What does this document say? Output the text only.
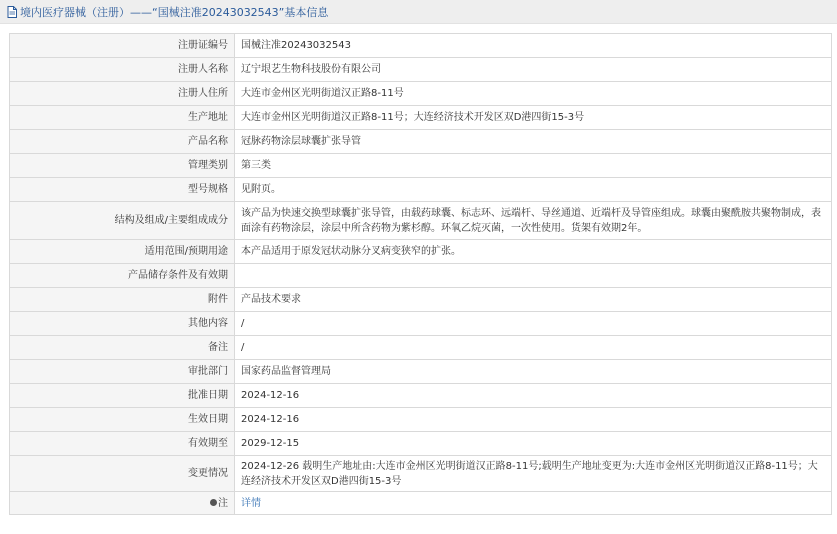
境内医疗器械（注册）——“国械注准20243032543”基本信息
注册证编号	国械注准20243032543
注册人名称	辽宁垠艺生物科技股份有限公司
注册人住所	大连市金州区光明街道汉正路8-11号
生产地址	大连市金州区光明街道汉正路8-11号；大连经济技术开发区双D港四街15-3号
产品名称	冠脉药物涂层球囊扩张导管
管理类别	第三类
型号规格	见附页。
结构及组成/主要组成成分	该产品为快速交换型球囊扩张导管，由载药球囊、标志环、远端杆、导丝通道、近端杆及导管座组成。球囊由聚酰胺共聚物制成，表面涂有药物涂层，涂层中所含药物为紫杉醇。环氧乙烷灭菌，一次性使用。货架有效期2年。
适用范围/预期用途	本产品适用于原发冠状动脉分叉病变狭窄的扩张。
产品储存条件及有效期	
附件	产品技术要求
其他内容	/
备注	/
审批部门	国家药品监督管理局
批准日期	2024-12-16
生效日期	2024-12-16
有效期至	2029-12-15
变更情况	2024-12-26 载明生产地址由:大连市金州区光明街道汉正路8-11号;载明生产地址变更为:大连市金州区光明街道汉正路8-11号；大连经济技术开发区双D港四街15-3号
注	详情
